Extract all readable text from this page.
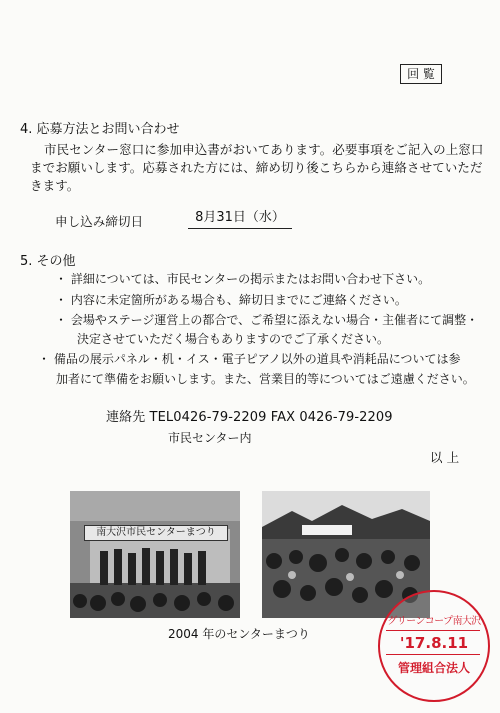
回 覧
4. 応募方法とお問い合わせ
市民センター窓口に参加申込書がおいてあります。必要事項をご記入の上窓口
までお願いします。応募された方には、締め切り後こちらから連絡させていただ
きます。
申し込み締切日	8月31日（水）
5. その他
・ 詳細については、市民センターの掲示またはお問い合わせ下さい。
・ 内容に未定箇所がある場合も、締切日までにご連絡ください。
・ 会場やステージ運営上の都合で、ご希望に添えない場合・主催者にて調整・
決定させていただく場合もありますのでご了承ください。
・ 備品の展示パネル・机・イス・電子ピアノ以外の道具や消耗品については参
加者にて準備をお願いします。また、営業目的等についてはご遠慮ください。
連絡先 TEL0426-79-2209 FAX 0426-79-2209
市民センター内
以 上
南大沢市民センターまつり
2004 年のセンターまつり
グリーンコープ南大沢
'17.8.11
管理組合法人
